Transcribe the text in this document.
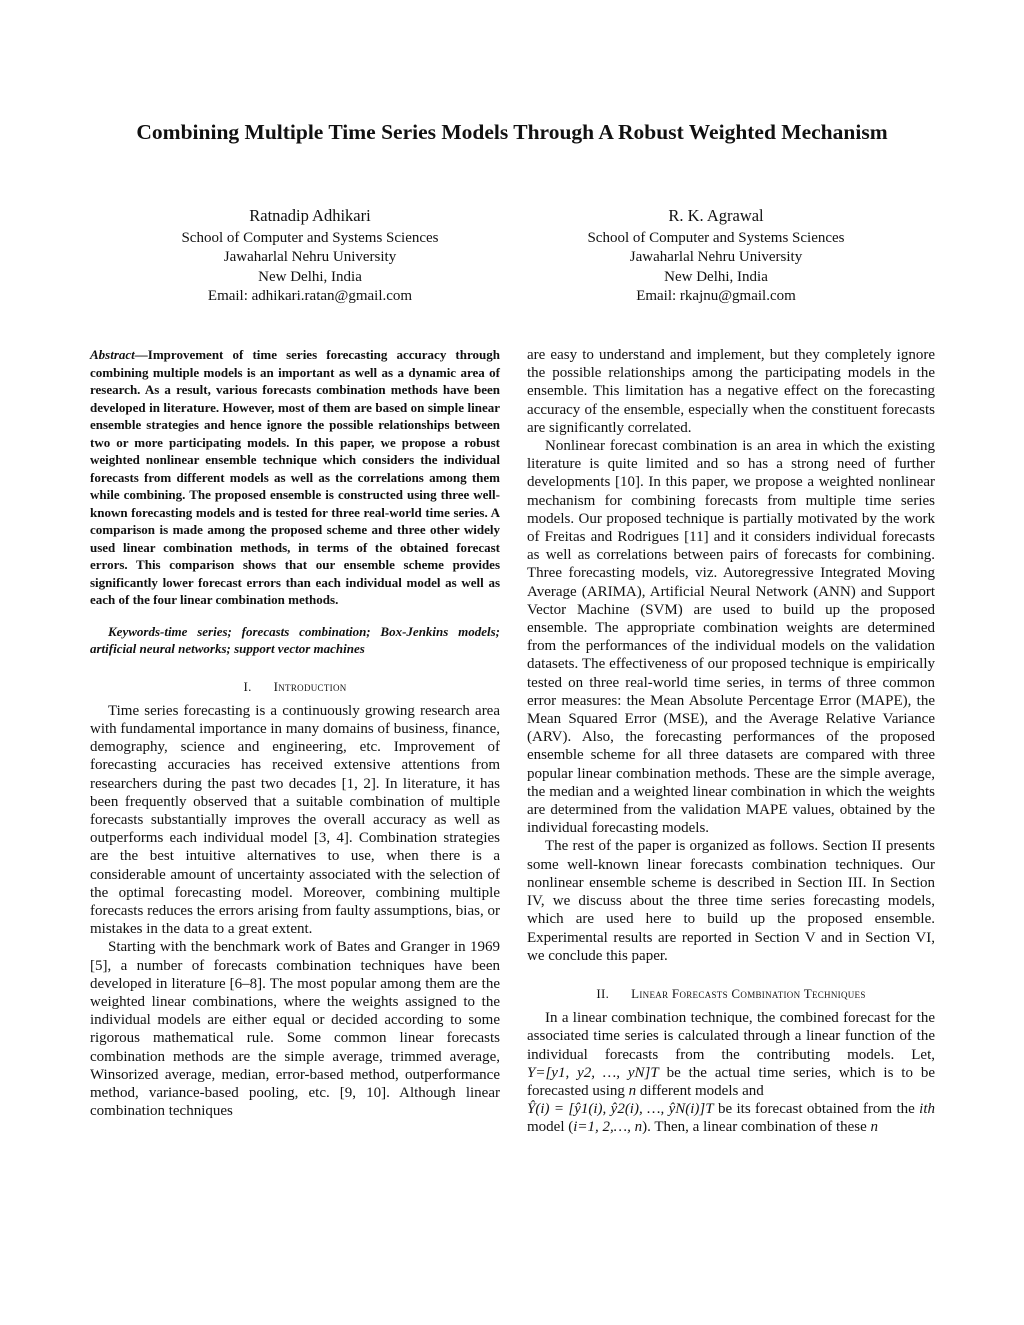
Combining Multiple Time Series Models Through A Robust Weighted Mechanism
Ratnadip Adhikari
School of Computer and Systems Sciences
Jawaharlal Nehru University
New Delhi, India
Email: adhikari.ratan@gmail.com
R. K. Agrawal
School of Computer and Systems Sciences
Jawaharlal Nehru University
New Delhi, India
Email: rkajnu@gmail.com

Abstract—Improvement of time series forecasting accuracy through combining multiple models is an important as well as a dynamic area of research. As a result, various forecasts combination methods have been developed in literature. However, most of them are based on simple linear ensemble strategies and hence ignore the possible relationships between two or more participating models. In this paper, we propose a robust weighted nonlinear ensemble technique which considers the individual forecasts from different models as well as the correlations among them while combining. The proposed ensemble is constructed using three well-known forecasting models and is tested for three real-world time series. A comparison is made among the proposed scheme and three other widely used linear combination methods, in terms of the obtained forecast errors. This comparison shows that our ensemble scheme provides significantly lower forecast errors than each individual model as well as each of the four linear combination methods.

Keywords-time series; forecasts combination; Box-Jenkins models; artificial neural networks; support vector machines

I. Introduction

Time series forecasting is a continuously growing research area with fundamental importance in many domains of business, finance, demography, science and engineering, etc. Improvement of forecasting accuracies has received extensive attentions from researchers during the past two decades [1, 2]. In literature, it has been frequently observed that a suitable combination of multiple forecasts substantially improves the overall accuracy as well as outperforms each individual model [3, 4]. Combination strategies are the best intuitive alternatives to use, when there is a considerable amount of uncertainty associated with the selection of the optimal forecasting model. Moreover, combining multiple forecasts reduces the errors arising from faulty assumptions, bias, or mistakes in the data to a great extent.

Starting with the benchmark work of Bates and Granger in 1969 [5], a number of forecasts combination techniques have been developed in literature [6–8]. The most popular among them are the weighted linear combinations, where the weights assigned to the individual models are either equal or decided according to some rigorous mathematical rule. Some common linear forecasts combination methods are the simple average, trimmed average, Winsorized average, median, error-based method, outperformance method, variance-based pooling, etc. [9, 10]. Although linear combination techniques

are easy to understand and implement, but they completely ignore the possible relationships among the participating models in the ensemble. This limitation has a negative effect on the forecasting accuracy of the ensemble, especially when the constituent forecasts are significantly correlated.

Nonlinear forecast combination is an area in which the existing literature is quite limited and so has a strong need of further developments [10]. In this paper, we propose a weighted nonlinear mechanism for combining forecasts from multiple time series models. Our proposed technique is partially motivated by the work of Freitas and Rodrigues [11] and it considers individual forecasts as well as correlations between pairs of forecasts for combining. Three forecasting models, viz. Autoregressive Integrated Moving Average (ARIMA), Artificial Neural Network (ANN) and Support Vector Machine (SVM) are used to build up the proposed ensemble. The appropriate combination weights are determined from the performances of the individual models on the validation datasets. The effectiveness of our proposed technique is empirically tested on three real-world time series, in terms of three common error measures: the Mean Absolute Percentage Error (MAPE), the Mean Squared Error (MSE), and the Average Relative Variance (ARV). Also, the forecasting performances of the proposed ensemble scheme for all three datasets are compared with three popular linear combination methods. These are the simple average, the median and a weighted linear combination in which the weights are determined from the validation MAPE values, obtained by the individual forecasting models.

The rest of the paper is organized as follows. Section II presents some well-known linear forecasts combination techniques. Our nonlinear ensemble scheme is described in Section III. In Section IV, we discuss about the three time series forecasting models, which are used here to build up the proposed ensemble. Experimental results are reported in Section V and in Section VI, we conclude this paper.

II. Linear Forecasts Combination Techniques

In a linear combination technique, the combined forecast for the associated time series is calculated through a linear function of the individual forecasts from the contributing models. Let, Y=[y1, y2, …, yN]T be the actual time series, which is to be forecasted using n different models and
Ŷ(i) = [ŷ1(i), ŷ2(i), …, ŷN(i)]T be its forecast obtained from the ith model (i=1, 2,…, n). Then, a linear combination of these n
